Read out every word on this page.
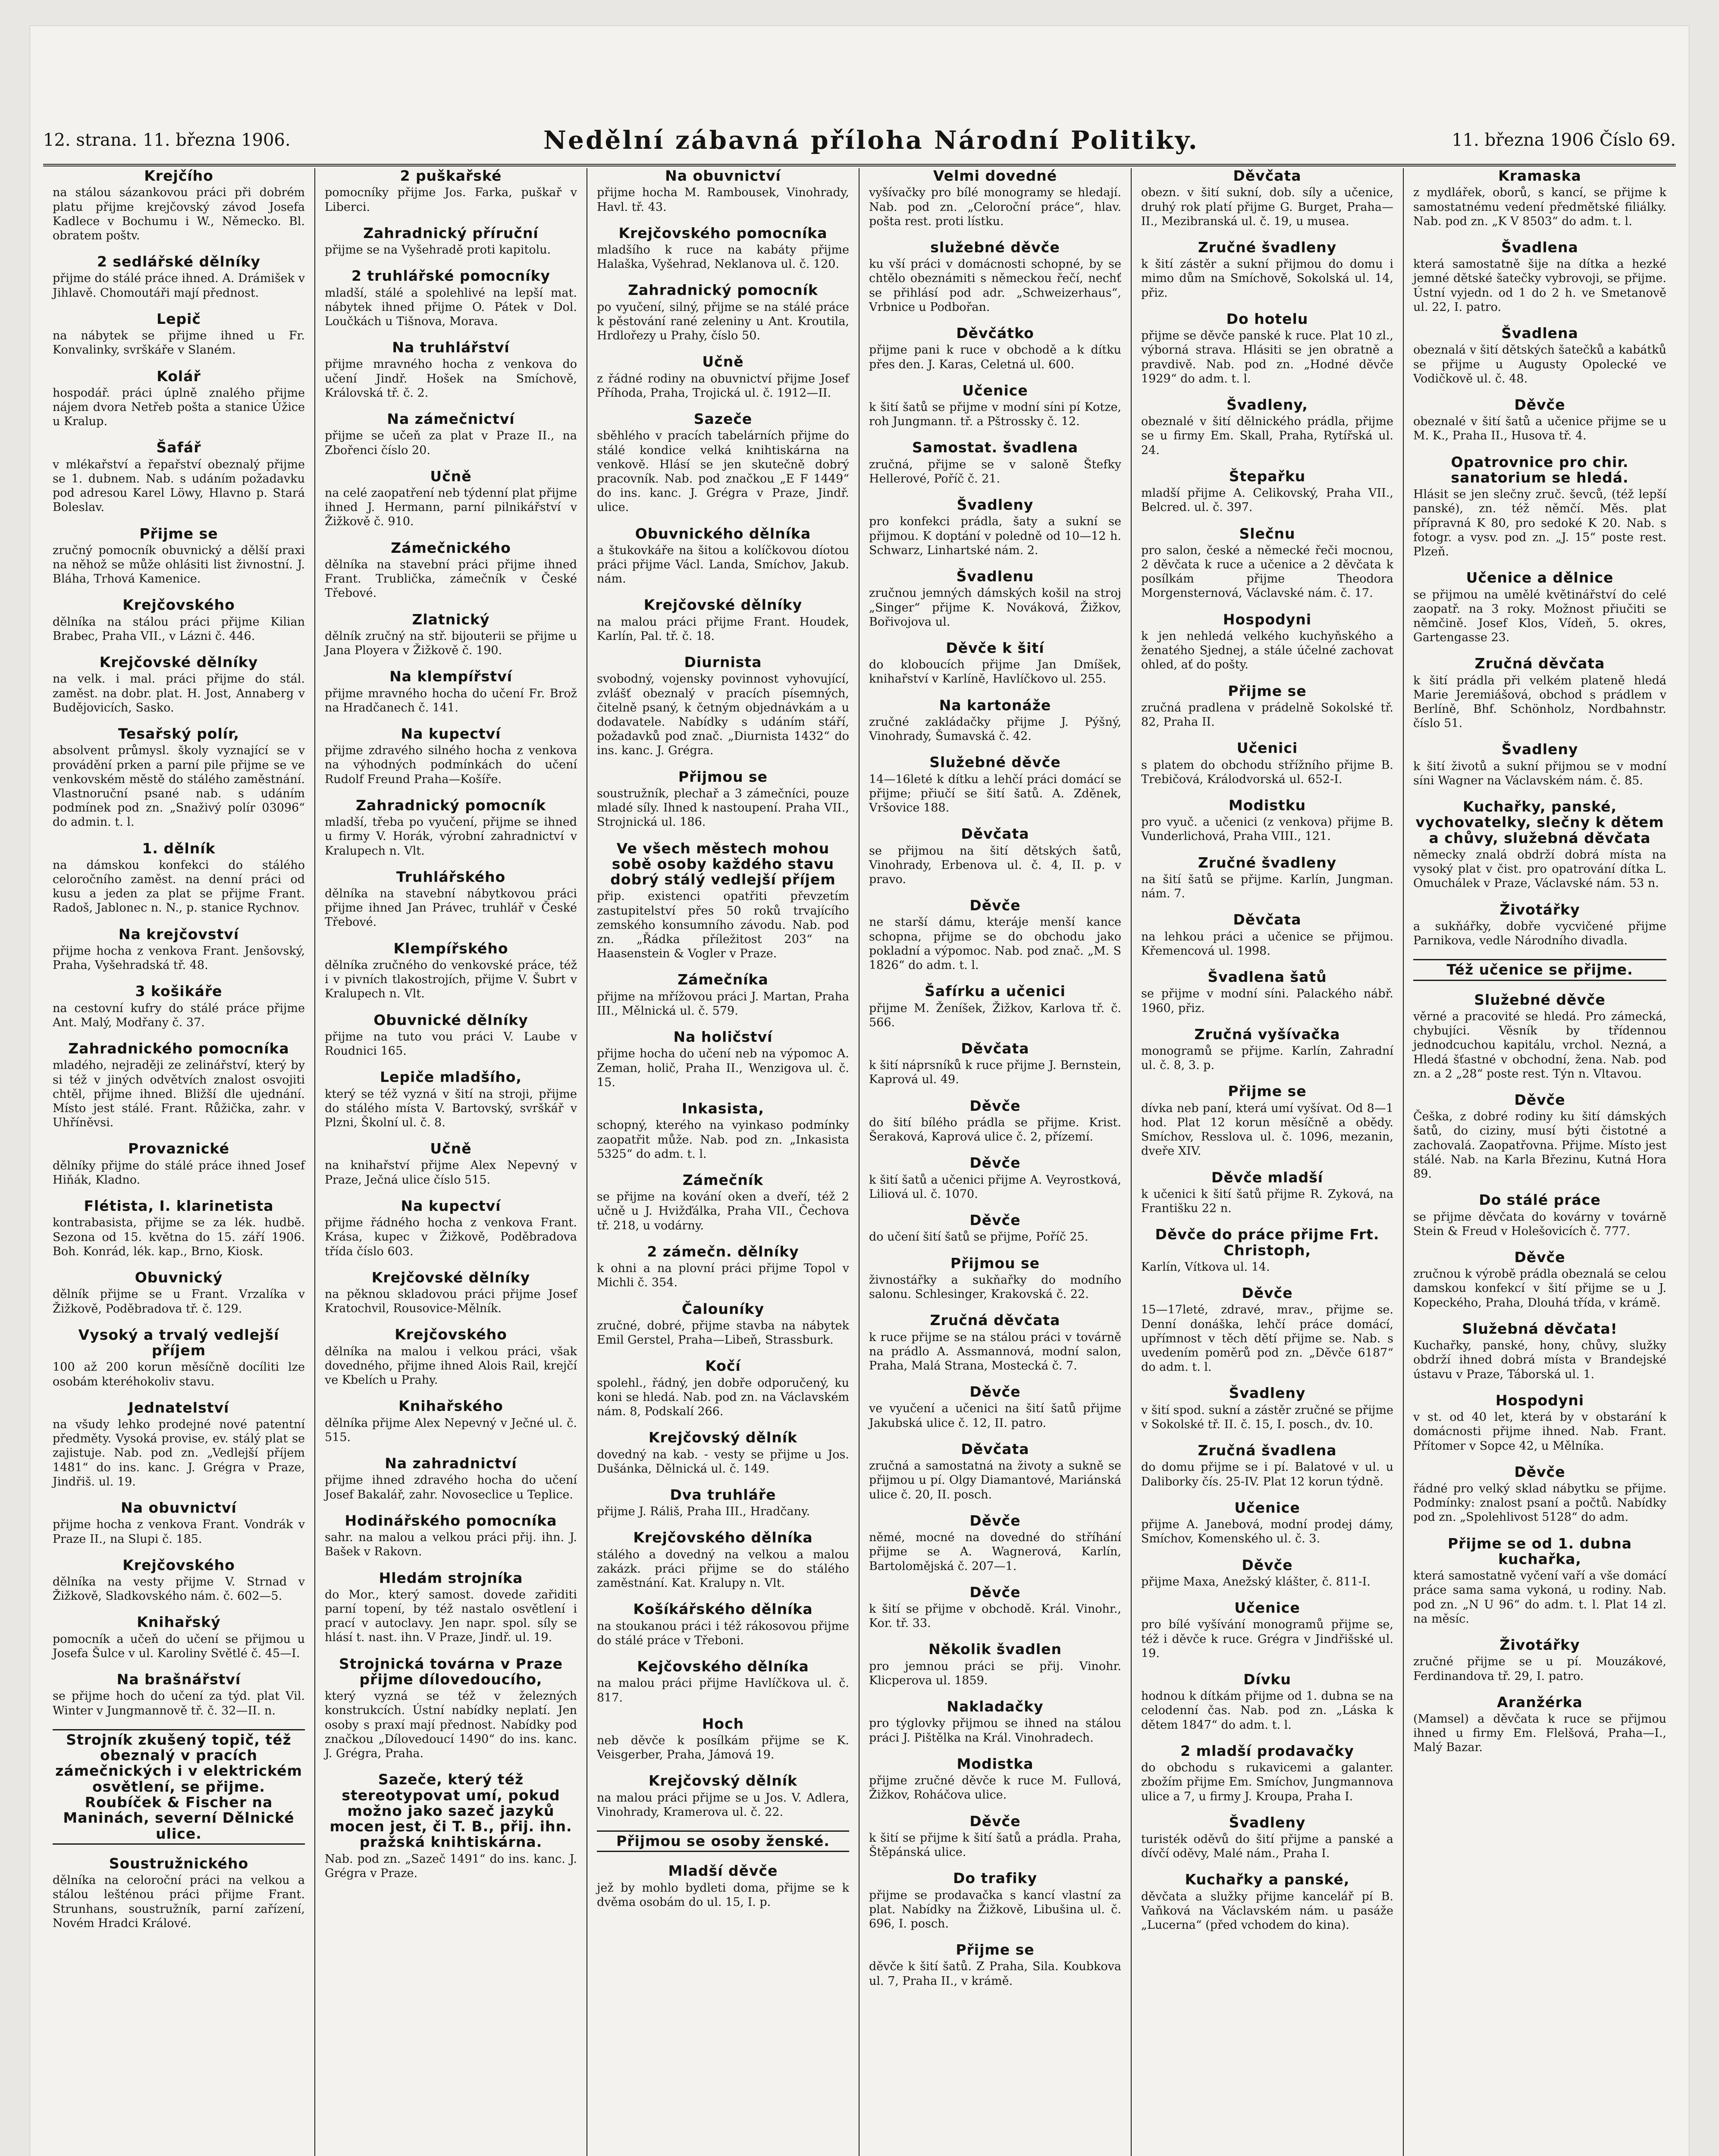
12. strana. 11. března 1906.	Nedělní zábavná příloha Národní Politiky.	11. března 1906 Číslo 69.
Krejčího
na stálou sázankovou práci při dobrém platu přijme krejčovský závod Josefa Kadlece v Bochumu i W., Německo. Bl. obratem poštv.
2 sedlářské dělníky
přijme do stálé práce ihned. A. Drámišek v Jihlavě. Chomoutáři mají přednost.
Lepič
na nábytek se přijme ihned u Fr. Konvalinky, svrškáře v Slaném.
Kolář
hospodář. práci úplně znalého přijme nájem dvora Netřeb pošta a stanice Úžice u Kralup.
Šafář
v mlékařství a řepařství obeznalý přijme se 1. dubnem. Nab. s udáním požadavku pod adresou Karel Löwy, Hlavno p. Stará Boleslav.
Přijme se
zručný pomocník obuvnický a dělší praxi na něhož se může ohlásiti list živnostní. J. Bláha, Trhová Kamenice.
Krejčovského
dělníka na stálou práci přijme Kilian Brabec, Praha VII., v Lázni č. 446.
Krejčovské dělníky
na velk. i mal. práci přijme do stál. zaměst. na dobr. plat. H. Jost, Annaberg v Budějovicích, Sasko.
Tesařský polír,
absolvent průmysl. školy vyznající se v provádění prken a parní pile přijme se ve venkovském městě do stálého zaměstnání. Vlastnoruční psané nab. s udáním podmínek pod zn. „Snaživý polír 03096“ do admin. t. l.
1. dělník
na dámskou konfekci do stálého celoročního zaměst. na denní práci od kusu a jeden za plat se přijme Frant. Radoš, Jablonec n. N., p. stanice Rychnov.
Na krejčovství
přijme hocha z venkova Frant. Jenšovský, Praha, Vyšehradská tř. 48.
3 košikáře
na cestovní kufry do stálé práce přijme Ant. Malý, Modřany č. 37.
Zahradnického pomocníka
mladého, nejraději ze zelinářství, který by si též v jiných odvětvích znalost osvojiti chtěl, přijme ihned. Bližší dle ujednání. Místo jest stálé. Frant. Růžička, zahr. v Uhříněvsi.
Provaznické
dělníky přijme do stálé práce ihned Josef Hiňák, Kladno.
Flétista, I. klarinetista
kontrabasista, přijme se za lék. hudbě. Sezona od 15. května do 15. září 1906. Boh. Konrád, lék. kap., Brno, Kiosk.
Obuvnický
dělník přijme se u Frant. Vrzalíka v Žižkově, Poděbradova tř. č. 129.
Vysoký a trvalý vedlejší příjem
100 až 200 korun měsíčně docíliti lze osobám kteréhokoliv stavu.
Jednatelství
na všudy lehko prodejné nové patentní předměty. Vysoká provise, ev. stálý plat se zajistuje. Nab. pod zn. „Vedlejší příjem 1481“ do ins. kanc. J. Grégra v Praze, Jindřiš. ul. 19.
Na obuvnictví
přijme hocha z venkova Frant. Vondrák v Praze II., na Slupi č. 185.
Krejčovského
dělníka na vesty přijme V. Strnad v Žižkově, Sladkovského nám. č. 602—5.
Knihařský
pomocník a učeň do učení se přijmou u Josefa Šulce v ul. Karoliny Světlé č. 45—I.
Na brašnářství
se přijme hoch do učení za týd. plat Vil. Winter v Jungmannově tř. č. 32—II. n.
Strojník zkušený topič, též obeznalý v pracích zámečnických i v elektrickém osvětlení, se přijme. Roubíček & Fischer na Maninách, severní Dělnické ulice.
Soustružnického
dělníka na celoroční práci na velkou a stálou lešténou práci přijme Frant. Strunhans, soustružník, parní zařízení, Novém Hradci Králové.
2 puškařské
pomocníky přijme Jos. Farka, puškař v Liberci.
Zahradnický příruční
přijme se na Vyšehradě proti kapitolu.
2 truhlářské pomocníky
mladší, stálé a spolehlivé na lepší mat. nábytek ihned přijme O. Pátek v Dol. Loučkách u Tišnova, Morava.
Na truhlářství
přijme mravného hocha z venkova do učení Jindř. Hošek na Smíchově, Královská tř. č. 2.
Na zámečnictví
přijme se učeň za plat v Praze II., na Zbořenci číslo 20.
Učně
na celé zaopatření neb týdenní plat přijme ihned J. Hermann, parní pilnikářství v Žižkově č. 910.
Zámečnického
dělníka na stavební práci přijme ihned Frant. Trublička, zámečník v České Třebové.
Zlatnický
dělník zručný na stř. bijouterii se přijme u Jana Ployera v Žižkově č. 190.
Na klempířství
přijme mravného hocha do učení Fr. Brož na Hradčanech č. 141.
Na kupectví
přijme zdravého silného hocha z venkova na výhodných podmínkách do učení Rudolf Freund Praha—Košíře.
Zahradnický pomocník
mladší, třeba po vyučení, přijme se ihned u firmy V. Horák, výrobní zahradnictví v Kralupech n. Vlt.
Truhlářského
dělníka na stavební nábytkovou práci přijme ihned Jan Právec, truhlář v České Třebové.
Klempířského
dělníka zručného do venkovské práce, též i v pivních tlakostrojích, přijme V. Šubrt v Kralupech n. Vlt.
Obuvnické dělníky
přijme na tuto vou práci V. Laube v Roudnici 165.
Lepiče mladšího,
který se též vyzná v šití na stroji, přijme do stálého místa V. Bartovský, svrškář v Plzni, Školní ul. č. 8.
Učně
na knihařství přijme Alex Nepevný v Praze, Ječná ulice číslo 515.
Na kupectví
přijme řádného hocha z venkova Frant. Krása, kupec v Žižkově, Poděbradova třída číslo 603.
Krejčovské dělníky
na pěknou skladovou práci přijme Josef Kratochvil, Rousovice-Mělník.
Krejčovského
dělníka na malou i velkou práci, však dovedného, přijme ihned Alois Rail, krejčí ve Kbelích u Prahy.
Knihařského
dělníka přijme Alex Nepevný v Ječné ul. č. 515.
Na zahradnictví
přijme ihned zdravého hocha do učení Josef Bakalář, zahr. Novoseclice u Teplice.
Hodinářského pomocníka
sahr. na malou a velkou práci přij. ihn. J. Bašek v Rakovn.
Hledám strojníka
do Mor., který samost. dovede zařiditi parní topení, by též nastalo osvětlení i prací v autoclavy. Jen napr. spol. síly se hlásí t. nast. ihn. V Praze, Jindř. ul. 19.
Strojnická továrna v Praze přijme dílovedoucího,
který vyzná se též v železných konstrukcích. Ústní nabídky neplatí. Jen osoby s praxí mají přednost. Nabídky pod značkou „Dílovedoucí 1490“ do ins. kanc. J. Grégra, Praha.
Sazeče, který též stereotypovat umí, pokud možno jako sazeč jazyků mocen jest, či T. B., přij. ihn. pražská knihtiskárna.
Nab. pod zn. „Sazeč 1491“ do ins. kanc. J. Grégra v Praze.
Na obuvnictví
přijme hocha M. Rambousek, Vinohrady, Havl. tř. 43.
Krejčovského pomocníka
mladšího k ruce na kabáty přijme Halaška, Vyšehrad, Neklanova ul. č. 120.
Zahradnický pomocník
po vyučení, silný, přijme se na stálé práce k pěstování rané zeleniny u Ant. Kroutila, Hrdlořezy u Prahy, číslo 50.
Učně
z řádné rodiny na obuvnictví přijme Josef Příhoda, Praha, Trojická ul. č. 1912—II.
Sazeče
sběhlého v pracích tabelárních přijme do stálé kondice velká knihtiskárna na venkově. Hlásí se jen skutečně dobrý pracovník. Nab. pod značkou „E F 1449“ do ins. kanc. J. Grégra v Praze, Jindř. ulice.
Obuvnického dělníka
a štukovkáře na šitou a kolíčkovou díotou práci přijme Václ. Landa, Smíchov, Jakub. nám.
Krejčovské dělníky
na malou práci přijme Frant. Houdek, Karlín, Pal. tř. č. 18.
Diurnista
svobodný, vojensky povinnost vyhovující, zvlášť obeznalý v pracích písemných, čitelně psaný, k četným objednávkám a u dodavatele. Nabídky s udáním stáří, požadavků pod znač. „Diurnista 1432“ do ins. kanc. J. Grégra.
Přijmou se
soustružník, plechař a 3 zámečníci, pouze mladé síly. Ihned k nastoupení. Praha VII., Strojnická ul. 186.
Ve všech městech mohou sobě osoby každého stavu dobrý stálý vedlejší příjem
přip. existenci opatřiti převzetím zastupitelství přes 50 roků trvajícího zemského konsumního závodu. Nab. pod zn. „Řádka příležitost 203“ na Haasenstein & Vogler v Praze.
Zámečníka
přijme na mřížovou práci J. Martan, Praha III., Mělnická ul. č. 579.
Na holičství
přijme hocha do učení neb na výpomoc A. Zeman, holič, Praha II., Wenzigova ul. č. 15.
Inkasista,
schopný, kterého na vyinkaso podmínky zaopatřit může. Nab. pod zn. „Inkasista 5325“ do adm. t. l.
Zámečník
se přijme na kování oken a dveří, též 2 učně u J. Hvižďálka, Praha VII., Čechova tř. 218, u vodárny.
2 zámečn. dělníky
k ohni a na plovní práci přijme Topol v Michli č. 354.
Čalouníky
zručné, dobré, přijme stavba na nábytek Emil Gerstel, Praha—Libeň, Strassburk.
Kočí
spolehl., řádný, jen dobře odporučený, ku koni se hledá. Nab. pod zn. na Václavském nám. 8, Podskalí 266.
Krejčovský dělník
dovedný na kab. - vesty se přijme u Jos. Dušánka, Dělnická ul. č. 149.
Dva truhláře
přijme J. Ráliš, Praha III., Hradčany.
Krejčovského dělníka
stálého a dovedný na velkou a malou zakázk. práci přijme se do stálého zaměstnání. Kat. Kralupy n. Vlt.
Košíkářského dělníka
na stoukanou práci i též rákosovou přijme do stálé práce v Třeboni.
Kejčovského dělníka
na malou práci přijme Havlíčkova ul. č. 817.
Hoch
neb děvče k posílkám přijme se K. Veisgerber, Praha, Jámová 19.
Krejčovský dělník
na malou práci přijme se u Jos. V. Adlera, Vinohrady, Kramerova ul. č. 22.
Přijmou se osoby ženské.
Mladší děvče
jež by mohlo bydleti doma, přijme se k dvěma osobám do ul. 15, I. p.
Velmi dovedné
vyšívačky pro bílé monogramy se hledají. Nab. pod zn. „Celoroční práce“, hlav. pošta rest. proti lístku.
služebné děvče
ku vší práci v domácnosti schopné, by se chtělo obeznámiti s německou řečí, nechť se přihlásí pod adr. „Schweizerhaus“, Vrbnice u Podbořan.
Děvčátko
přijme pani k ruce v obchodě a k dítku přes den. J. Karas, Celetná ul. 600.
Učenice
k šití šatů se přijme v modní síni pí Kotze, roh Jungmann. tř. a Pštrossky č. 12.
Samostat. švadlena
zručná, přijme se v saloně Štefky Hellerové, Poříč č. 21.
Švadleny
pro konfekci prádla, šaty a sukní se přijmou. K doptání v poledně od 10—12 h. Schwarz, Linhartské nám. 2.
Švadlenu
zručnou jemných dámských košil na stroj „Singer“ přijme K. Nováková, Žižkov, Bořivojova ul.
Děvče k šití
do kloboucích přijme Jan Dmíšek, knihařství v Karlíně, Havlíčkovo ul. 255.
Na kartonáže
zručné zakládačky přijme J. Pýšný, Vinohrady, Šumavská č. 42.
Služebné děvče
14—16leté k dítku a lehčí práci domácí se přijme; přiučí se šití šatů. A. Zděnek, Vršovice 188.
Děvčata
se přijmou na šití dětských šatů, Vinohrady, Erbenova ul. č. 4, II. p. v pravo.
Děvče
ne starší dámu, kteráje menší kance schopna, přijme se do obchodu jako pokladní a výpomoc. Nab. pod znač. „M. S 1826“ do adm. t. l.
Šafírku a učenici
přijme M. Ženíšek, Žižkov, Karlova tř. č. 566.
Děvčata
k šití náprsníků k ruce přijme J. Bernstein, Kaprová ul. 49.
Děvče
do šití bílého prádla se přijme. Krist. Šeraková, Kaprová ulice č. 2, přízemí.
Děvče
k šití šatů a učenici přijme A. Veyrostková, Liliová ul. č. 1070.
Děvče
do učení šití šatů se přijme, Poříč 25.
Přijmou se
živnostářky a sukňařky do modního salonu. Schlesinger, Krakovská č. 22.
Zručná děvčata
k ruce přijme se na stálou práci v továrně na prádlo A. Assmannová, modní salon, Praha, Malá Strana, Mostecká č. 7.
Děvče
ve vyučení a učenici na šití šatů přijme Jakubská ulice č. 12, II. patro.
Děvčata
zručná a samostatná na životy a sukně se přijmou u pí. Olgy Diamantové, Mariánská ulice č. 20, II. posch.
Děvče
němé, mocné na dovedné do stříhání přijme se A. Wagnerová, Karlín, Bartolomějská č. 207—1.
Děvče
k šití se přijme v obchodě. Král. Vinohr., Kor. tř. 33.
Několik švadlen
pro jemnou práci se přij. Vinohr. Klicperova ul. 1859.
Nakladačky
pro týglovky přijmou se ihned na stálou práci J. Pištělka na Král. Vinohradech.
Modistka
přijme zručné děvče k ruce M. Fullová, Žižkov, Roháčova ulice.
Děvče
k šití se přijme k šití šatů a prádla. Praha, Štěpánská ulice.
Do trafiky
přijme se prodavačka s kancí vlastní za plat. Nabídky na Žižkově, Libušina ul. č. 696, I. posch.
Přijme se
děvče k šití šatů. Z Praha, Sila. Koubkova ul. 7, Praha II., v krámě.
Děvčata
obezn. v šití sukní, dob. síly a učenice, druhý rok platí přijme G. Burget, Praha—II., Mezibranská ul. č. 19, u musea.
Zručné švadleny
k šití zástěr a sukní přijmou do domu i mimo dům na Smíchově, Sokolská ul. 14, přiz.
Do hotelu
přijme se děvče panské k ruce. Plat 10 zl., výborná strava. Hlásiti se jen obratně a pravdivě. Nab. pod zn. „Hodné děvče 1929“ do adm. t. l.
Švadleny,
obeznalé v šití dělnického prádla, přijme se u firmy Em. Skall, Praha, Rytířská ul. 24.
Štepařku
mladší přijme A. Celikovský, Praha VII., Belcred. ul. č. 397.
Slečnu
pro salon, české a německé řeči mocnou, 2 děvčata k ruce a učenice a 2 děvčata k posílkám přijme Theodora Morgensternová, Václavské nám. č. 17.
Hospodyni
k jen nehledá velkého kuchyňského a ženatého Sjednej, a stále účelné zachovat ohled, ať do pošty.
Přijme se
zručná pradlena v prádelně Sokolské tř. 82, Praha II.
Učenici
s platem do obchodu střížního přijme B. Trebičová, Králodvorská ul. 652-I.
Modistku
pro vyuč. a učenici (z venkova) přijme B. Vunderlichová, Praha VIII., 121.
Zručné švadleny
na šití šatů se přijme. Karlín, Jungman. nám. 7.
Děvčata
na lehkou práci a učenice se přijmou. Křemencová ul. 1998.
Švadlena šatů
se přijme v modní síni. Palackého nábř. 1960, přiz.
Zručná vyšívačka
monogramů se přijme. Karlín, Zahradní ul. č. 8, 3. p.
Přijme se
dívka neb paní, která umí vyšívat. Od 8—1 hod. Plat 12 korun měsíčně a obědy. Smíchov, Resslova ul. č. 1096, mezanin, dveře XIV.
Děvče mladší
k učenici k šití šatů přijme R. Zyková, na Františku 22 n.
Děvče do práce přijme Frt. Christoph,
Karlín, Vítkova ul. 14.
Děvče
15—17leté, zdravé, mrav., přijme se. Denní donáška, lehčí práce domácí, upřímnost v těch dětí přijme se. Nab. s uvedením poměrů pod zn. „Děvče 6187“ do adm. t. l.
Švadleny
v šití spod. sukní a zástěr zručné se přijme v Sokolské tř. II. č. 15, I. posch., dv. 10.
Zručná švadlena
do domu přijme se i pí. Balatové v ul. u Daliborky čís. 25-IV. Plat 12 korun týdně.
Učenice
přijme A. Janebová, modní prodej dámy, Smíchov, Komenského ul. č. 3.
Děvče
přijme Maxa, Anežský klášter, č. 811-I.
Učenice
pro bílé vyšívání monogramů přijme se, též i děvče k ruce. Grégra v Jindřišské ul. 19.
Dívku
hodnou k dítkám přijme od 1. dubna se na celodenní čas. Nab. pod zn. „Láska k dětem 1847“ do adm. t. l.
2 mladší prodavačky
do obchodu s rukavicemi a galanter. zbožím přijme Em. Smíchov, Jungmannova ulice a 7, u firmy J. Kroupa, Praha I.
Švadleny
turisték oděvů do šití přijme a panské a dívčí oděvy, Malé nám., Praha I.
Kuchařky a panské,
děvčata a služky přijme kancelář pí B. Vaňková na Václavském nám. u pasáže „Lucerna“ (před vchodem do kina).
Kramaska
z mydlářek, oborů, s kancí, se přijme k samostatnému vedení předmětské filiálky. Nab. pod zn. „K V 8503“ do adm. t. l.
Švadlena
která samostatně šije na dítka a hezké jemné dětské šatečky vybrovoji, se přijme. Ústní vyjedn. od 1 do 2 h. ve Smetanově ul. 22, I. patro.
Švadlena
obeznalá v šití dětských šatečků a kabátků se přijme u Augusty Opolecké ve Vodičkově ul. č. 48.
Děvče
obeznalé v šití šatů a učenice přijme se u M. K., Praha II., Husova tř. 4.
Opatrovnice pro chir. sanatorium se hledá.
Hlásit se jen slečny zruč. ševců, (též lepší panské), zn. též němčí. Měs. plat přípravná K 80, pro sedoké K 20. Nab. s fotogr. a vysv. pod zn. „J. 15“ poste rest. Plzeň.
Učenice a dělnice
se přijmou na umělé květinářství do celé zaopatř. na 3 roky. Možnost přiučiti se němčině. Josef Klos, Vídeň, 5. okres, Gartengasse 23.
Zručná děvčata
k šití prádla při velkém plateně hledá Marie Jeremiášová, obchod s prádlem v Berlíně, Bhf. Schönholz, Nordbahnstr. číslo 51.
Švadleny
k šití životů a sukní přijmou se v modní síni Wagner na Václavském nám. č. 85.
Kuchařky, panské, vychovatelky, slečny k dětem a chůvy, služebná děvčata
německy znalá obdrží dobrá místa na vysoký plat v čist. pro opatrování dítka L. Omuchálek v Praze, Václavské nám. 53 n.
Životářky
a sukňářky, dobře vycvičené přijme Parnikova, vedle Národního divadla.
Též učenice se přijme.
Služebné děvče
věrné a pracovité se hledá. Pro zámecká, chybujíci. Věsník by třídennou jednodcuchou kapitálu, vrchol. Nezná, a Hledá šťastné v obchodní, žena. Nab. pod zn. a 2 „28“ poste rest. Týn n. Vltavou.
Děvče
Češka, z dobré rodiny ku šití dámských šatů, do ciziny, musí býti čistotné a zachovalá. Zaopatřovna. Přijme. Místo jest stálé. Nab. na Karla Březinu, Kutná Hora 89.
Do stálé práce
se přijme děvčata do kovárny v továrně Stein & Freud v Holešovicích č. 777.
Děvče
zručnou k výrobě prádla obeznalá se celou damskou konfekcí v šití přijme se u J. Kopeckého, Praha, Dlouhá třída, v krámě.
Služebná děvčata!
Kuchařky, panské, hony, chůvy, služky obdrží ihned dobrá místa v Brandejské ústavu v Praze, Táborská ul. 1.
Hospodyni
v st. od 40 let, která by v obstarání k domácnosti přijme ihned. Nab. Frant. Přítomer v Sopce 42, u Mělníka.
Děvče
řádné pro velký sklad nábytku se přijme. Podmínky: znalost psaní a počtů. Nabídky pod zn. „Spolehlivost 5128“ do adm.
Přijme se od 1. dubna kuchařka,
která samostatně vyčení vaří a vše domácí práce sama sama vykoná, u rodiny. Nab. pod zn. „N U 96“ do adm. t. l. Plat 14 zl. na měsíc.
Životářky
zručné přijme se u pí. Mouzákové, Ferdinandova tř. 29, I. patro.
Aranžérka
(Mamsel) a děvčata k ruce se přijmou ihned u firmy Em. Flelšová, Praha—I., Malý Bazar.
